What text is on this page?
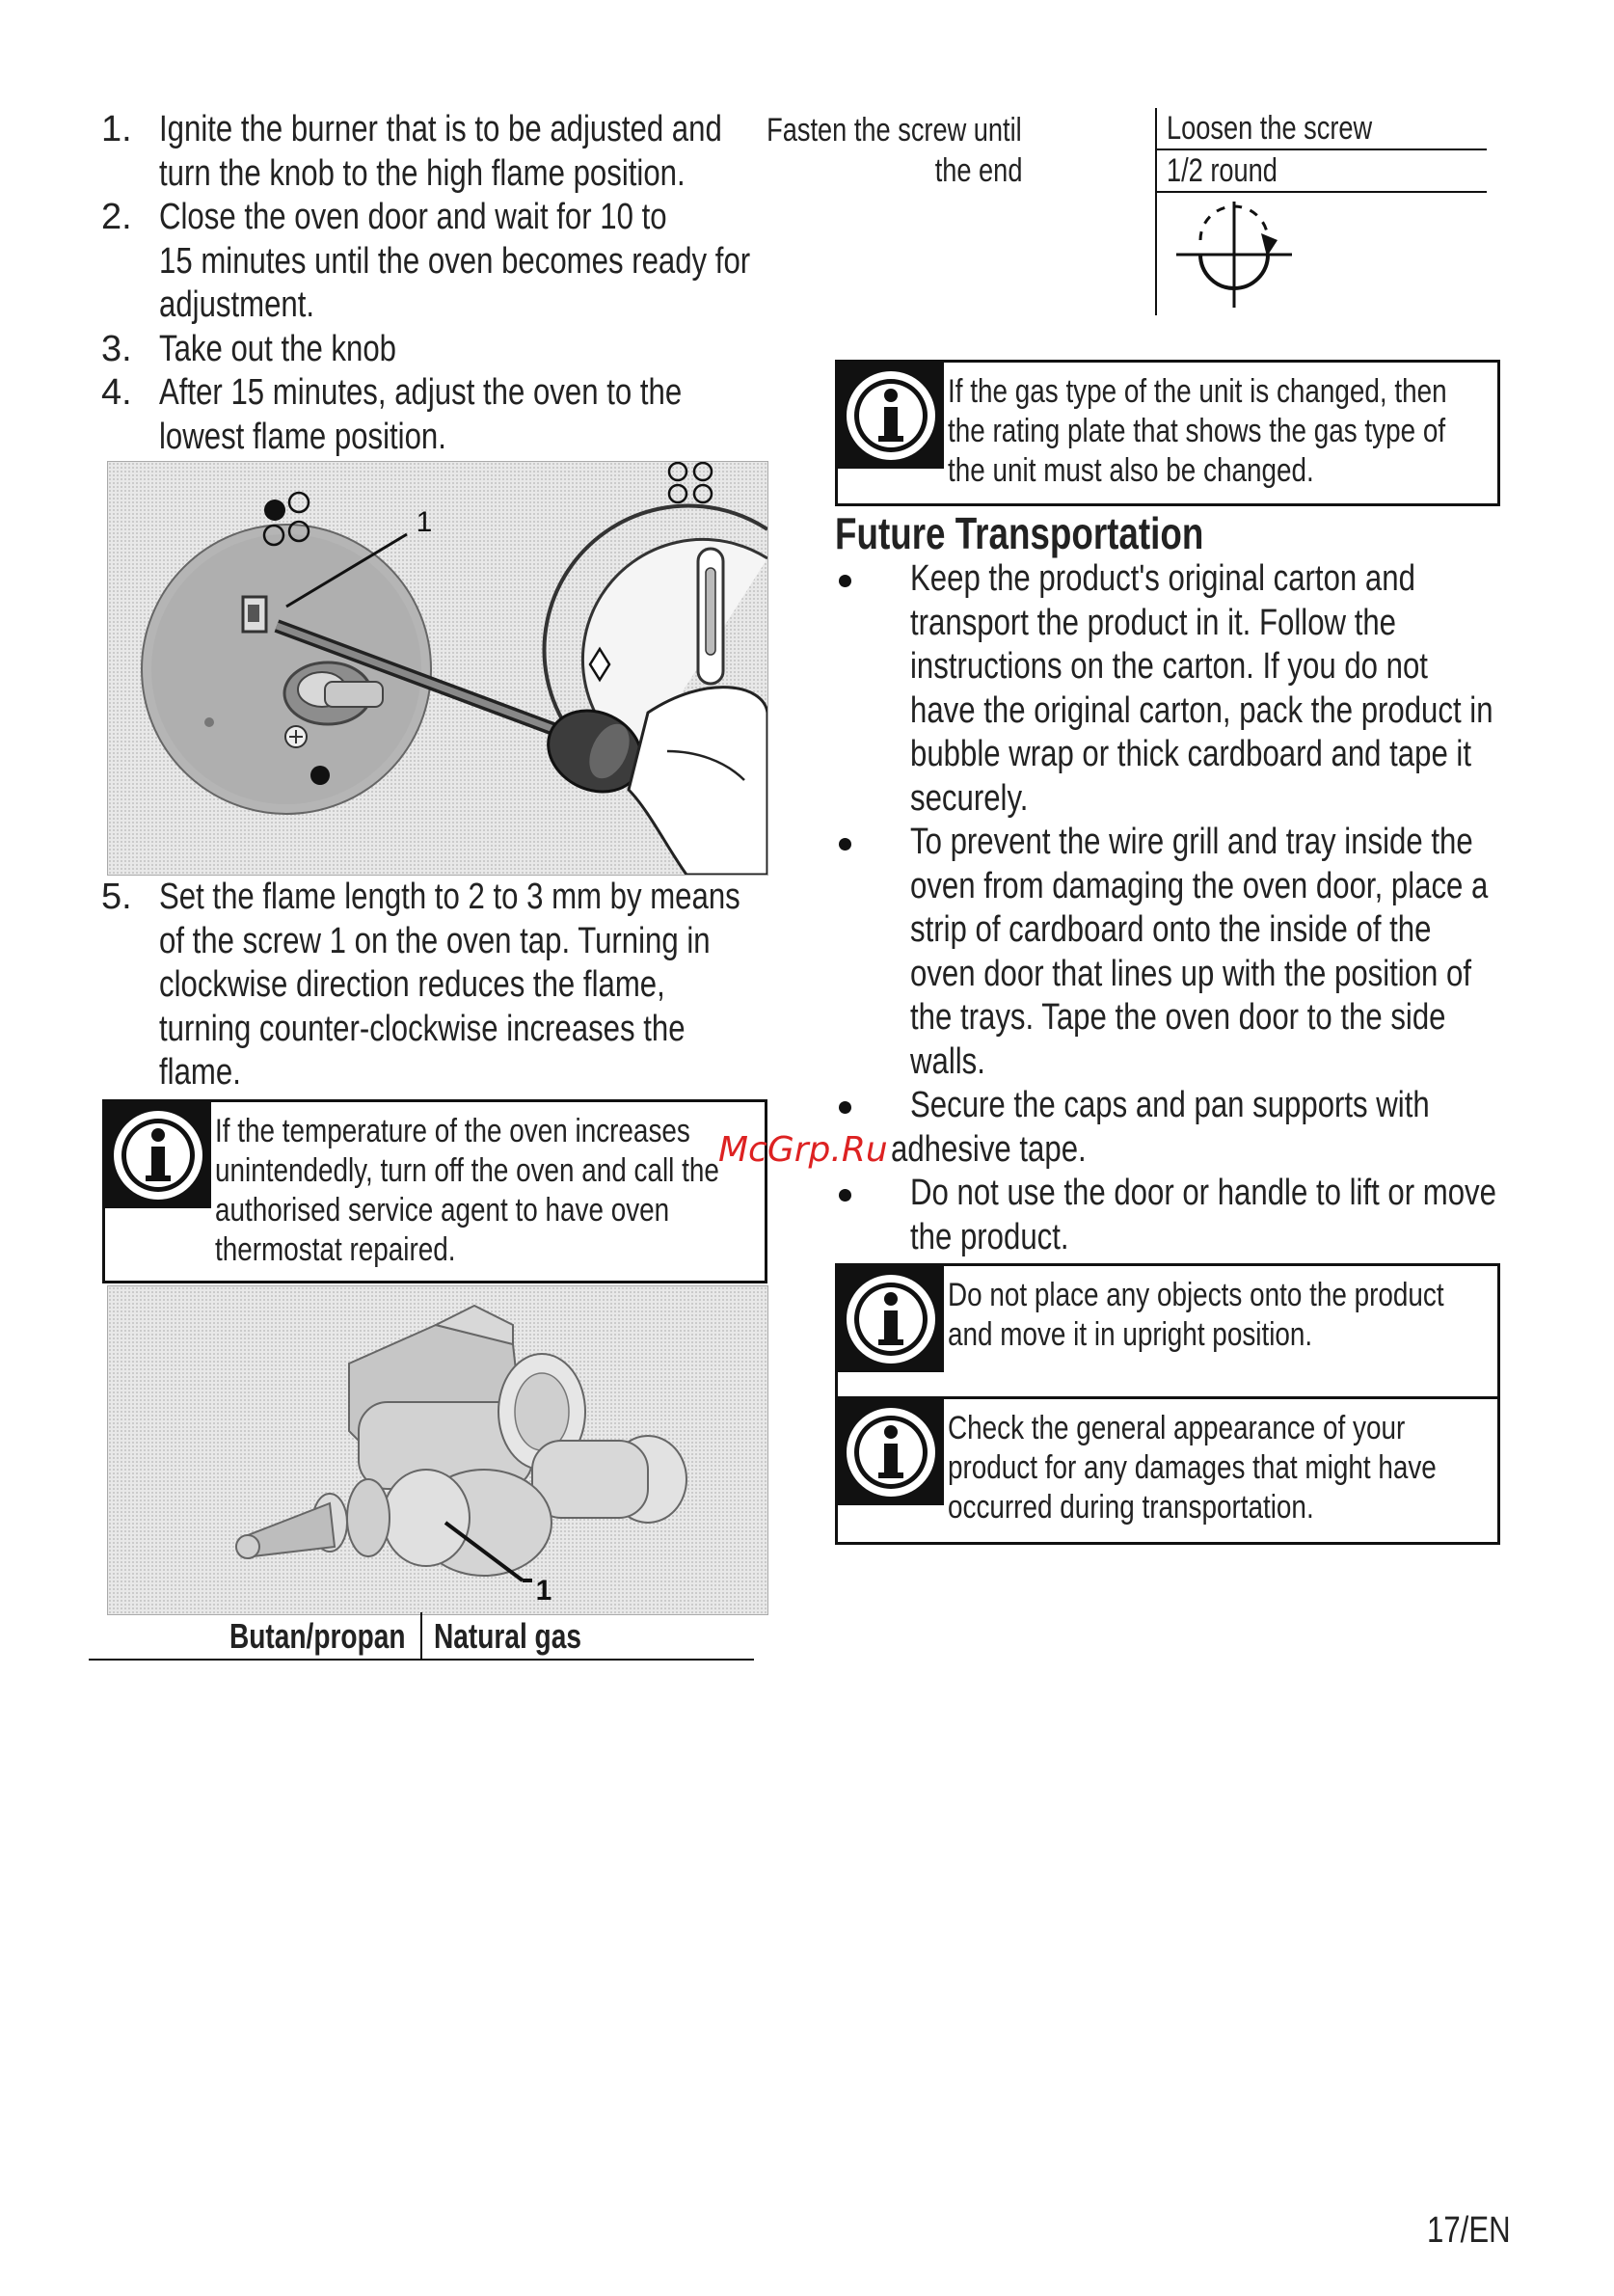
1. Ignite the burner that is to be adjusted and
turn the knob to the high flame position.
2. Close the oven door and wait for 10 to
15 minutes until the oven becomes ready for
adjustment.
3. Take out the knob
4. After 15 minutes, adjust the oven to the
lowest flame position.
1
5. Set the flame length to 2 to 3 mm by means
of the screw 1 on the oven tap. Turning in
clockwise direction reduces the flame,
turning counter-clockwise increases the
flame.
If the temperature of the oven increases
unintendedly, turn off the oven and call the
authorised service agent to have oven
thermostat repaired.
1
Butan/propan Natural gas
Fasten the screw until
the end
Loosen the screw
1/2 round
If the gas type of the unit is changed, then
the rating plate that shows the gas type of
the unit must also be changed.
Future Transportation
Keep the product's original carton and
transport the product in it. Follow the
instructions on the carton. If you do not
have the original carton, pack the product in
bubble wrap or thick cardboard and tape it
securely.
To prevent the wire grill and tray inside the
oven from damaging the oven door, place a
strip of cardboard onto the inside of the
oven door that lines up with the position of
the trays. Tape the oven door to the side
walls.
Secure the caps and pan supports with
adhesive tape.
Do not use the door or handle to lift or move
the product.
Do not place any objects onto the product
and move it in upright position.
Check the general appearance of your
product for any damages that might have
occurred during transportation.
McGrp.Ru
17/EN
